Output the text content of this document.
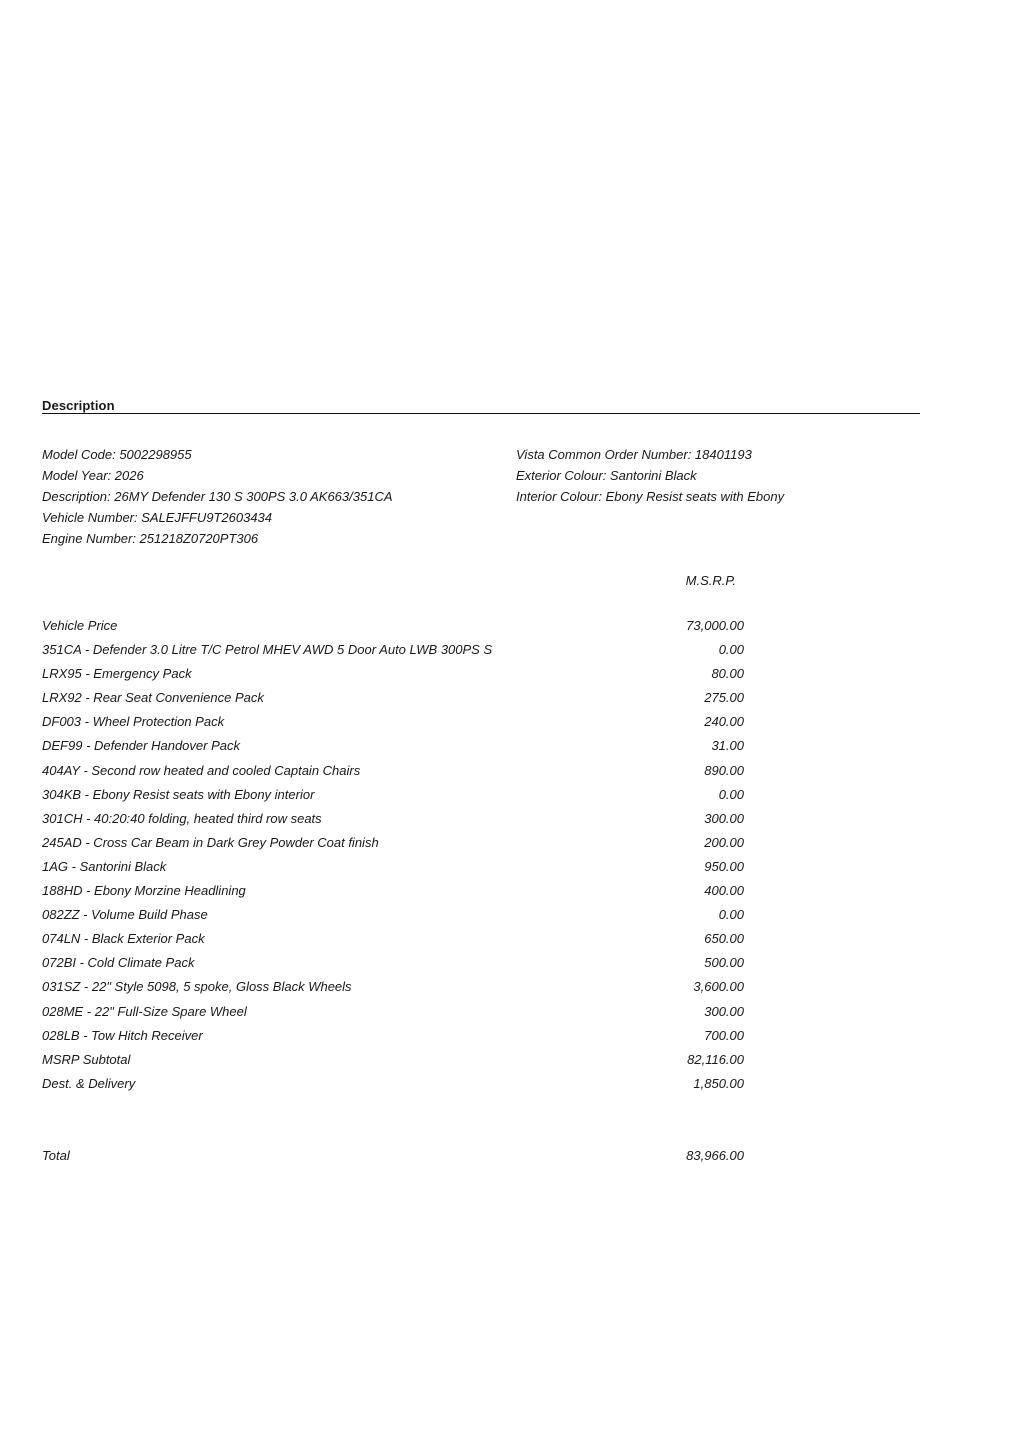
Description
Model Code: 5002298955
Model Year: 2026
Description: 26MY Defender 130 S 300PS 3.0 AK663/351CA
Vehicle Number: SALEJFFU9T2603434
Engine Number: 251218Z0720PT306
Vista Common Order Number: 18401193
Exterior Colour: Santorini Black
Interior Colour: Ebony Resist seats with Ebony
M.S.R.P.
Vehicle Price	73,000.00
351CA - Defender 3.0 Litre T/C Petrol MHEV AWD 5 Door Auto LWB 300PS S	0.00
LRX95 - Emergency Pack	80.00
LRX92 - Rear Seat Convenience Pack	275.00
DF003 - Wheel Protection Pack	240.00
DEF99 - Defender Handover Pack	31.00
404AY - Second row heated and cooled Captain Chairs	890.00
304KB - Ebony Resist seats with Ebony interior	0.00
301CH - 40:20:40 folding, heated third row seats	300.00
245AD - Cross Car Beam in Dark Grey Powder Coat finish	200.00
1AG - Santorini Black	950.00
188HD - Ebony Morzine Headlining	400.00
082ZZ - Volume Build Phase	0.00
074LN - Black Exterior Pack	650.00
072BI - Cold Climate Pack	500.00
031SZ - 22" Style 5098, 5 spoke, Gloss Black Wheels	3,600.00
028ME - 22" Full-Size Spare Wheel	300.00
028LB - Tow Hitch Receiver	700.00
MSRP Subtotal	82,116.00
Dest. & Delivery	1,850.00
Total	83,966.00
